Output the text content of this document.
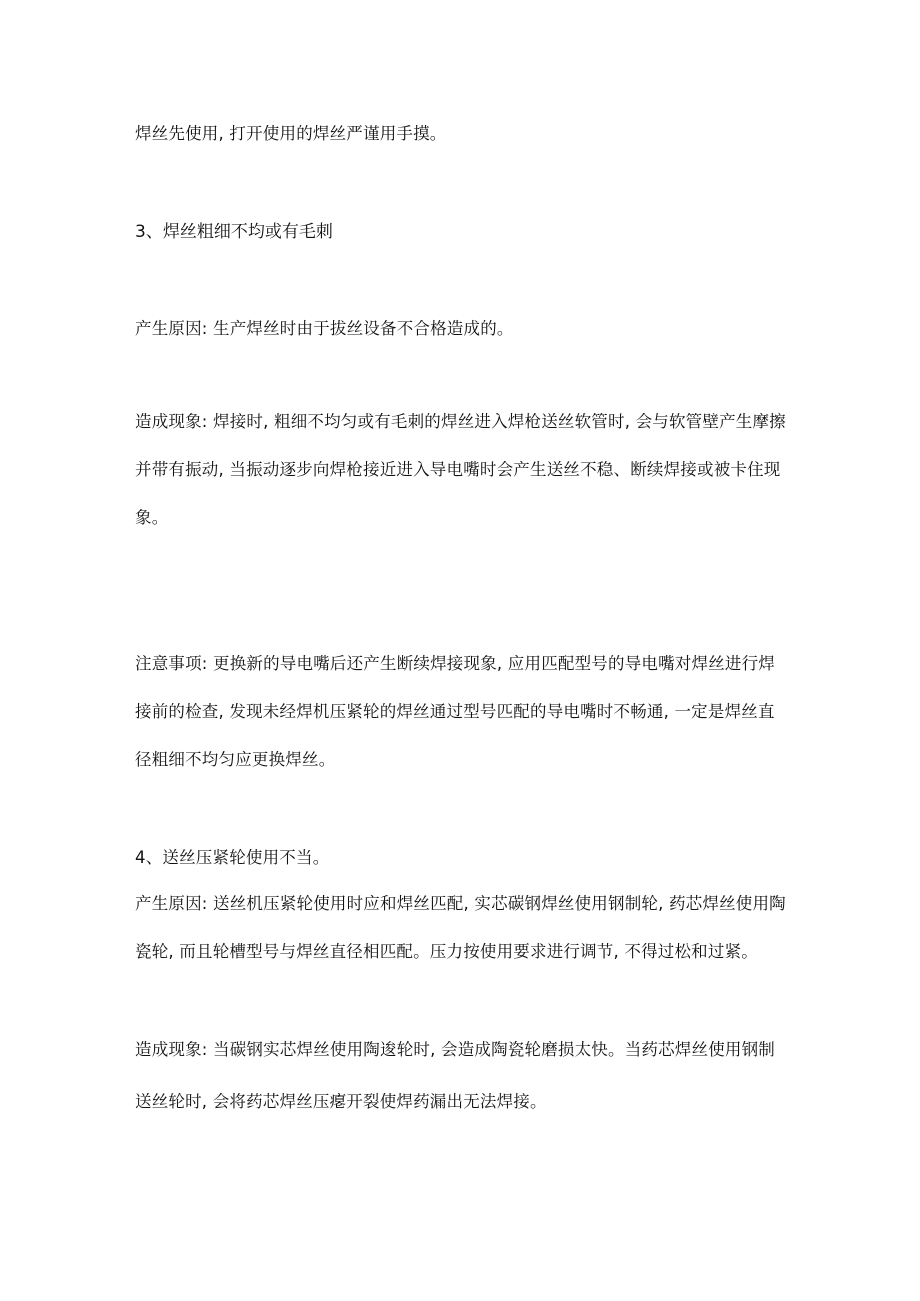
焊丝先使用, 打开使用的焊丝严谨用手摸。

3、焊丝粗细不均或有毛刺

产生原因: 生产焊丝时由于拔丝设备不合格造成的。

造成现象: 焊接时, 粗细不均匀或有毛刺的焊丝进入焊枪送丝软管时, 会与软管壁产生摩擦并带有振动, 当振动逐步向焊枪接近进入导电嘴时会产生送丝不稳、断续焊接或被卡住现象。

注意事项: 更换新的导电嘴后还产生断续焊接现象, 应用匹配型号的导电嘴对焊丝进行焊接前的检查, 发现未经焊机压紧轮的焊丝通过型号匹配的导电嘴时不畅通, 一定是焊丝直径粗细不均匀应更换焊丝。

4、送丝压紧轮使用不当。

产生原因: 送丝机压紧轮使用时应和焊丝匹配, 实芯碳钢焊丝使用钢制轮, 药芯焊丝使用陶瓷轮, 而且轮槽型号与焊丝直径相匹配。压力按使用要求进行调节, 不得过松和过紧。

造成现象: 当碳钢实芯焊丝使用陶逡轮时, 会造成陶瓷轮磨损太快。当药芯焊丝使用钢制送丝轮时, 会将药芯焊丝压瘪开裂使焊药漏出无法焊接。
